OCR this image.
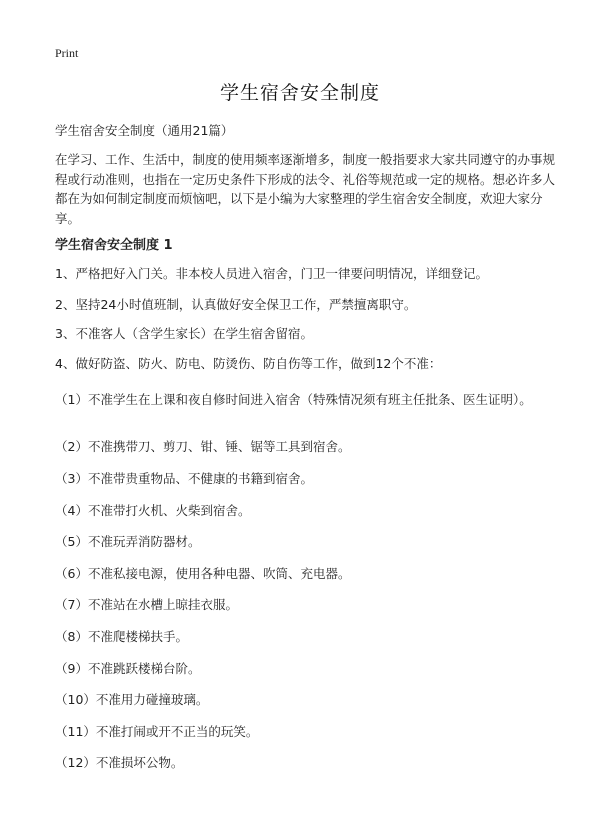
Print
学生宿舍安全制度
学生宿舍安全制度（通用21篇）

在学习、工作、生活中，制度的使用频率逐渐增多，制度一般指要求大家共同遵守的办事规程或行动准则，也指在一定历史条件下形成的法令、礼俗等规范或一定的规格。想必许多人都在为如何制定制度而烦恼吧，以下是小编为大家整理的学生宿舍安全制度，欢迎大家分享。

学生宿舍安全制度 1

1、严格把好入门关。非本校人员进入宿舍，门卫一律要问明情况，详细登记。

2、坚持24小时值班制，认真做好安全保卫工作，严禁擅离职守。

3、不准客人（含学生家长）在学生宿舍留宿。

4、做好防盗、防火、防电、防烫伤、防自伤等工作，做到12个不准：

（1）不准学生在上课和夜自修时间进入宿舍（特殊情况须有班主任批条、医生证明）。

（2）不准携带刀、剪刀、钳、锤、锯等工具到宿舍。

（3）不准带贵重物品、不健康的书籍到宿舍。

（4）不准带打火机、火柴到宿舍。

（5）不准玩弄消防器材。

（6）不准私接电源，使用各种电器、吹筒、充电器。

（7）不准站在水槽上晾挂衣服。

（8）不准爬楼梯扶手。

（9）不准跳跃楼梯台阶。

（10）不准用力碰撞玻璃。

（11）不准打闹或开不正当的玩笑。

（12）不准损坏公物。
